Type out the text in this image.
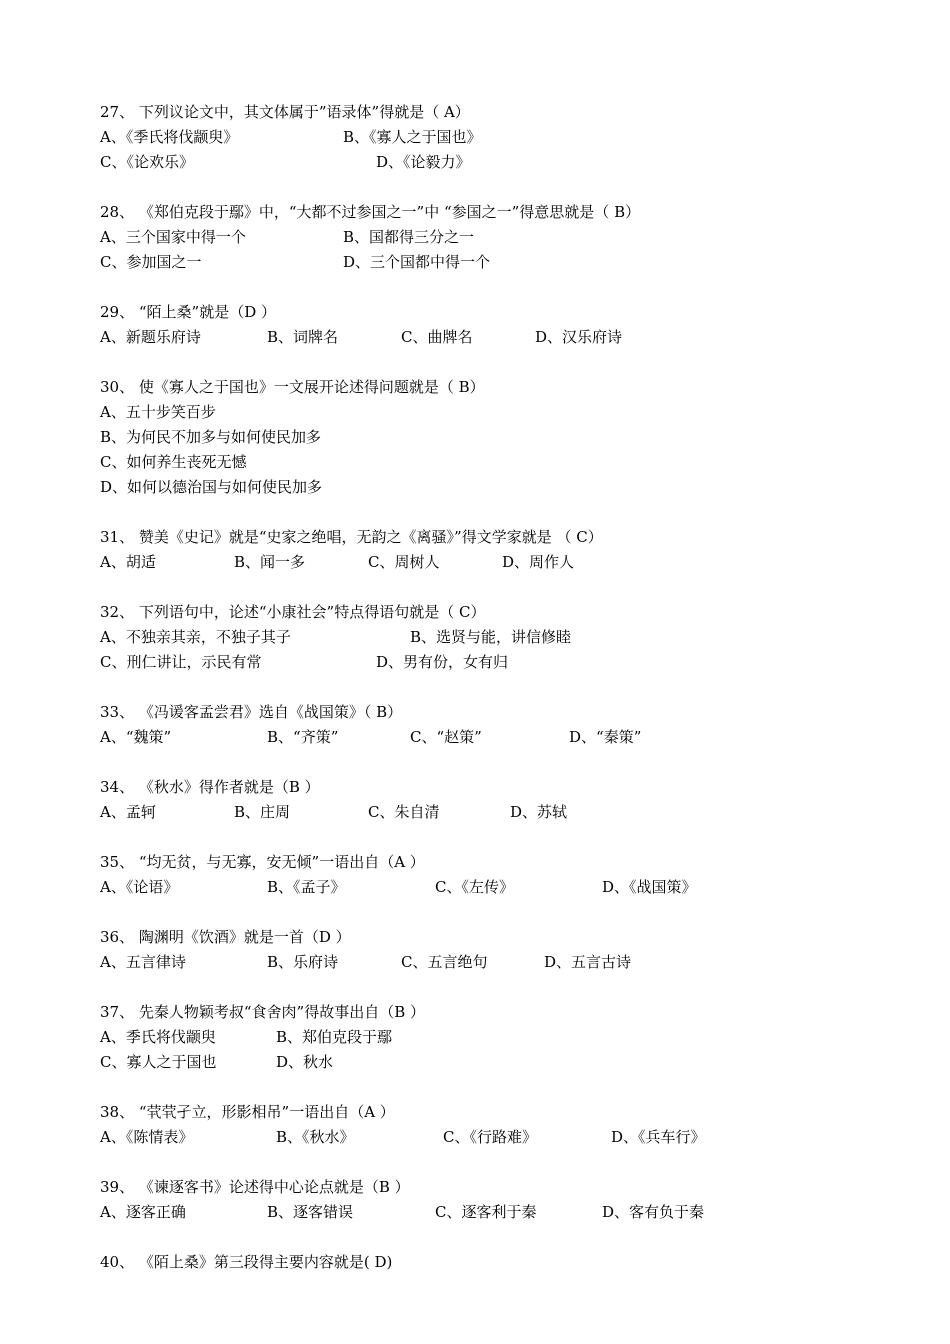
27、 下列议论文中，其文体属于”语录体”得就是（ A）
A、《季氏将伐颛臾》	B、《寡人之于国也》
C、《论欢乐》	D、《论毅力》
28、 《郑伯克段于鄢》中，“大都不过参国之一”中 “参国之一”得意思就是（ B）
A、三个国家中得一个	B、国都得三分之一
C、参加国之一	D、三个国都中得一个
29、 “陌上桑”就是（D ）
A、新题乐府诗	B、词牌名	C、曲牌名	D、汉乐府诗
30、 使《寡人之于国也》一文展开论述得问题就是（ B）
A、五十步笑百步
B、为何民不加多与如何使民加多
C、如何养生丧死无憾
D、如何以德治国与如何使民加多
31、 赞美《史记》就是“史家之绝唱，无韵之《离骚》”得文学家就是 （ C）
A、胡适	B、闻一多	C、周树人	D、周作人
32、 下列语句中，论述“小康社会”特点得语句就是（ C）
A、不独亲其亲，不独子其子	B、选贤与能，讲信修睦
C、刑仁讲让，示民有常	D、男有份，女有归
33、 《冯谖客孟尝君》选自《战国策》（ B）
A、“魏策”	B、“齐策”	C、“赵策”	D、“秦策”
34、 《秋水》得作者就是（B ）
A、孟轲	B、庄周	C、朱自清	D、苏轼
35、 “均无贫，与无寡，安无倾”一语出自（A ）
A、《论语》	B、《孟子》	C、《左传》	D、《战国策》
36、 陶渊明《饮酒》就是一首（D ）
A、五言律诗	B、乐府诗	C、五言绝句	D、五言古诗
37、 先秦人物颖考叔“食舍肉”得故事出自（B ）
A、季氏将伐颛臾	B、郑伯克段于鄢
C、寡人之于国也	D、秋水
38、 “茕茕孑立，形影相吊”一语出自（A ）
A、《陈情表》	B、《秋水》	C、《行路难》	D、《兵车行》
39、 《谏逐客书》论述得中心论点就是（B ）
A、逐客正确	B、逐客错误	C、逐客利于秦	D、客有负于秦
40、 《陌上桑》第三段得主要内容就是( D)
